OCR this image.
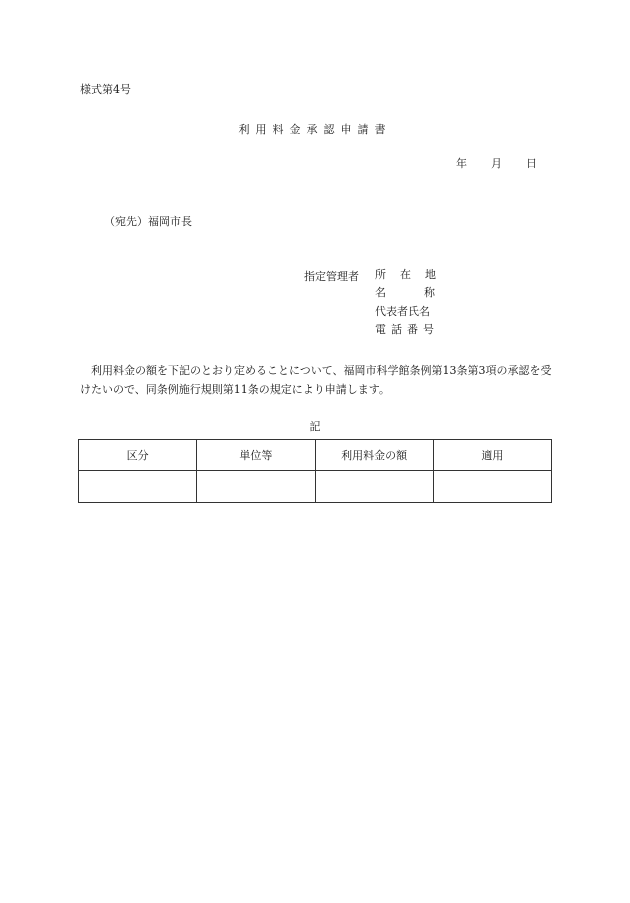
様式第4号
利用料金承認申請書
年 月 日
（宛先）福岡市長
指定管理者 所在地
名称
代表者氏名
電話番号
利用料金の額を下記のとおり定めることについて、福岡市科学館条例第13条第3項の承認を受けたいので、同条例施行規則第11条の規定により申請します。
記
区分	単位等	利用料金の額	適用
